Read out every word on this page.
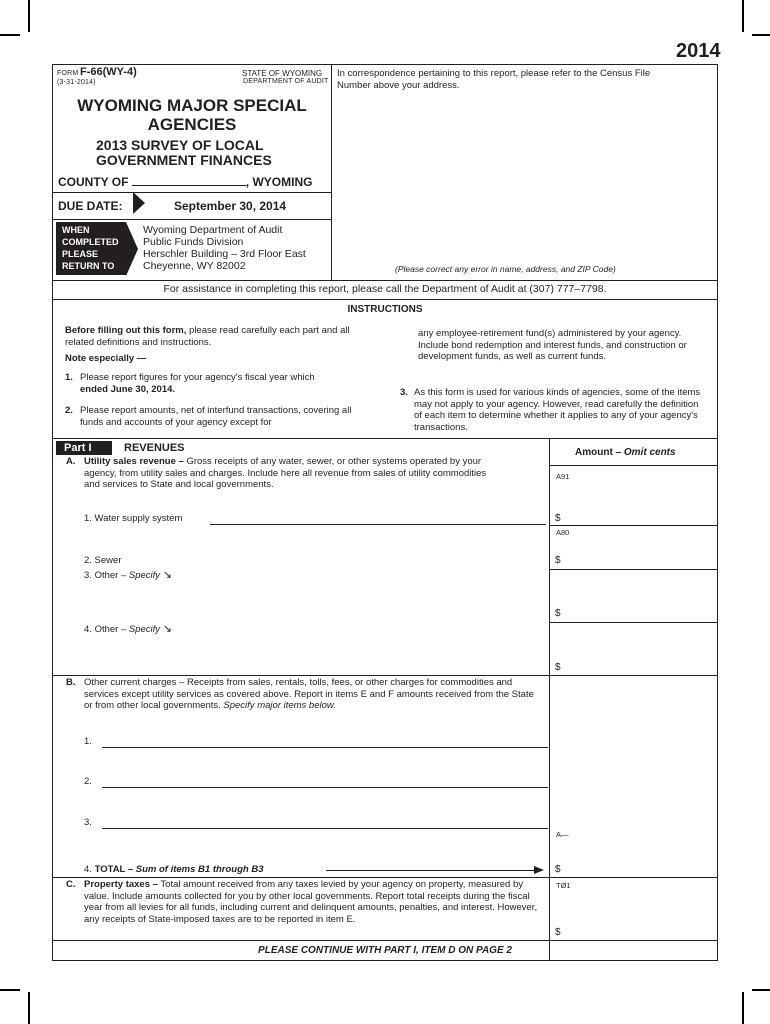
2014
FORM F-66(WY-4)
(3-31-2014)
STATE OF WYOMING
DEPARTMENT OF AUDIT
In correspondence pertaining to this report, please refer to the Census File Number above your address.
WYOMING MAJOR SPECIAL AGENCIES
2013 SURVEY OF LOCAL
GOVERNMENT FINANCES
COUNTY OF	, WYOMING
DUE DATE:	September 30, 2014
WHEN
COMPLETED
PLEASE
RETURN TO
Wyoming Department of Audit
Public Funds Division
Herschler Building – 3rd Floor East
Cheyenne, WY 82002	(Please correct any error in name, address, and ZIP Code)
For assistance in completing this report, please call the Department of Audit at (307) 777–7798.
INSTRUCTIONS
Before filling out this form, please read carefully each part and all related definitions and instructions.
Note especially —
1. Please report figures for your agency's fiscal year which
ended June 30, 2014.
2. Please report amounts, net of interfund transactions, covering all funds and accounts of your agency except for
any employee-retirement fund(s) administered by your agency. Include bond redemption and interest funds, and construction or development funds, as well as current funds.
3. As this form is used for various kinds of agencies, some of the items may not apply to your agency. However, read carefully the definition of each item to determine whether it applies to any of your agency's transactions.
Part I	REVENUES	Amount – Omit cents
A. Utility sales revenue – Gross receipts of any water, sewer, or other systems operated by your agency, from utility sales and charges. Include here all revenue from sales of utility commodities and services to State and local governments.
A91
1. Water supply system	$
A80
2. Sewer	$
3. Other – Specify ↘
$
4. Other – Specify ↘
$
B. Other current charges – Receipts from sales, rentals, tolls, fees, or other charges for commodities and services except utility services as covered above. Report in items E and F amounts received from the State or from other local governments. Specify major items below.
1.
2.
3.
A—
4. TOTAL – Sum of items B1 through B3	$
C. Property taxes – Total amount received from any taxes levied by your agency on property, measured by value. Include amounts collected for you by other local governments. Report total receipts during the fiscal year from all levies for all funds, including current and delinquent amounts, penalties, and interest. However, any receipts of State-imposed taxes are to be reported in item E.
TØ1
$
PLEASE CONTINUE WITH PART I, ITEM D ON PAGE 2
